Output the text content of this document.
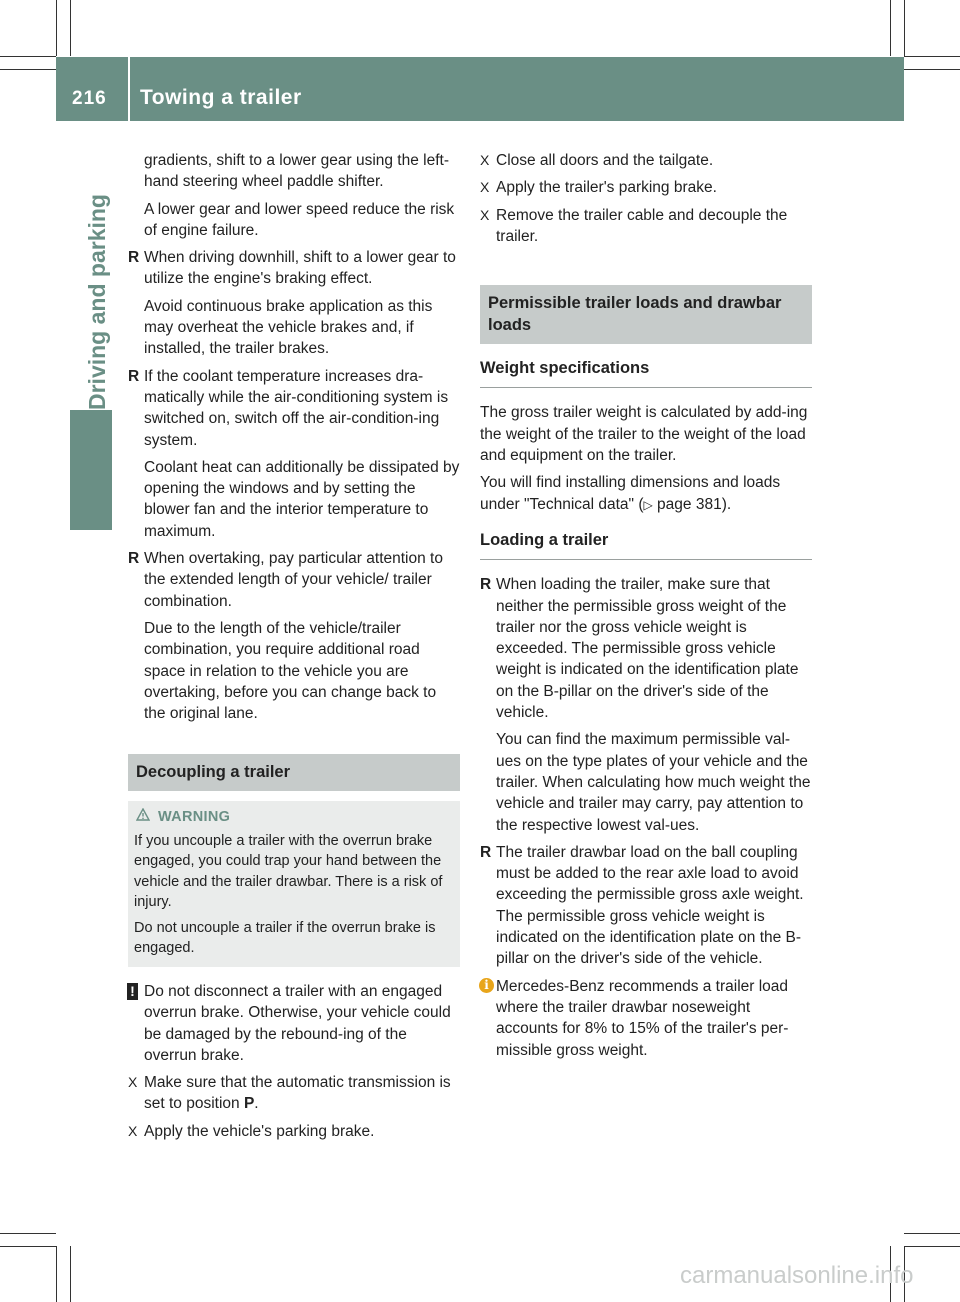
216	Towing a trailer
Driving and parking

gradients, shift to a lower gear using the left-hand steering wheel paddle shifter.

A lower gear and lower speed reduce the risk of engine failure.

R When driving downhill, shift to a lower gear to utilize the engine's braking effect.

Avoid continuous brake application as this may overheat the vehicle brakes and, if installed, the trailer brakes.

R If the coolant temperature increases dra-matically while the air-conditioning system is switched on, switch off the air-condition-ing system.

Coolant heat can additionally be dissipated by opening the windows and by setting the blower fan and the interior temperature to maximum.

R When overtaking, pay particular attention to the extended length of your vehicle/ trailer combination.

Due to the length of the vehicle/trailer combination, you require additional road space in relation to the vehicle you are overtaking, before you can change back to the original lane.

Decoupling a trailer
WARNING

If you uncouple a trailer with the overrun brake engaged, you could trap your hand between the vehicle and the trailer drawbar. There is a risk of injury.

Do not uncouple a trailer if the overrun brake is engaged.

! Do not disconnect a trailer with an engaged overrun brake. Otherwise, your vehicle could be damaged by the rebound-ing of the overrun brake.
X Make sure that the automatic transmission is set to position P.
X Apply the vehicle's parking brake.
X Close all doors and the tailgate.
X Apply the trailer's parking brake.
X Remove the trailer cable and decouple the trailer.
Permissible trailer loads and drawbar loads
Weight specifications

The gross trailer weight is calculated by add-ing the weight of the trailer to the weight of the load and equipment on the trailer.

You will find installing dimensions and loads under "Technical data" (▷ page 381).

Loading a trailer
R When loading the trailer, make sure that neither the permissible gross weight of the trailer nor the gross vehicle weight is exceeded. The permissible gross vehicle weight is indicated on the identification plate on the B-pillar on the driver's side of the vehicle.

You can find the maximum permissible val-ues on the type plates of your vehicle and the trailer. When calculating how much weight the vehicle and trailer may carry, pay attention to the respective lowest val-ues.

R The trailer drawbar load on the ball coupling must be added to the rear axle load to avoid exceeding the permissible gross axle weight. The permissible gross vehicle weight is indicated on the identification plate on the B-pillar on the driver's side of the vehicle.

i Mercedes-Benz recommends a trailer load where the trailer drawbar noseweight accounts for 8% to 15% of the trailer's per-missible gross weight.
carmanualsonline.info
